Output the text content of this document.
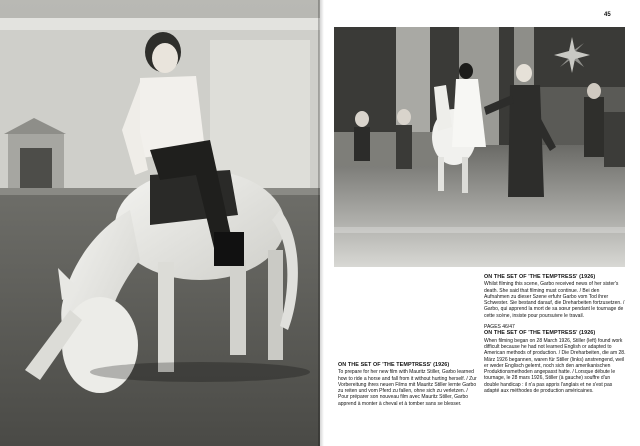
45
ON THE SET OF 'THE TEMPTRESS' (1926)
To prepare for her new film with Mauritz Stiller, Garbo learned how to ride a horse and fall from it without hurting herself. / Zur Vorbereitung ihres neuen Films mit Mauritz Stiller lernte Garbo zu reiten und vom Pferd zu fallen, ohne sich zu verletzen. / Pour préparer son nouveau film avec Mauritz Stiller, Garbo apprend à monter à cheval et à tomber sans se blesser.
ON THE SET OF 'THE TEMPTRESS' (1926)
Whilst filming this scene, Garbo received news of her sister's death. She said that filming must continue. / Bei den Aufnahmen zu dieser Szene erfuhr Garbo vom Tod ihrer Schwester. Sie bestand darauf, die Dreharbeiten fortzusetzen. / Garbo, qui apprend la mort de sa sœur pendant le tournage de cette scène, insiste pour poursuivre le travail.
PAGES 46/47
ON THE SET OF 'THE TEMPTRESS' (1926)
When filming began on 28 March 1926, Stiller (left) found work difficult because he had not learned English or adapted to American methods of production. / Die Dreharbeiten, die am 28. März 1926 begannen, waren für Stiller (links) anstrengend, weil er weder Englisch gelernt, noch sich den amerikanischen Produktionsmethoden angepasst hatte. / Lorsque débute le tournage, le 28 mars 1926, Stiller (à gauche) souffre d'un double handicap : il n'a pas appris l'anglais et ne s'est pas adapté aux méthodes de production américaines.
